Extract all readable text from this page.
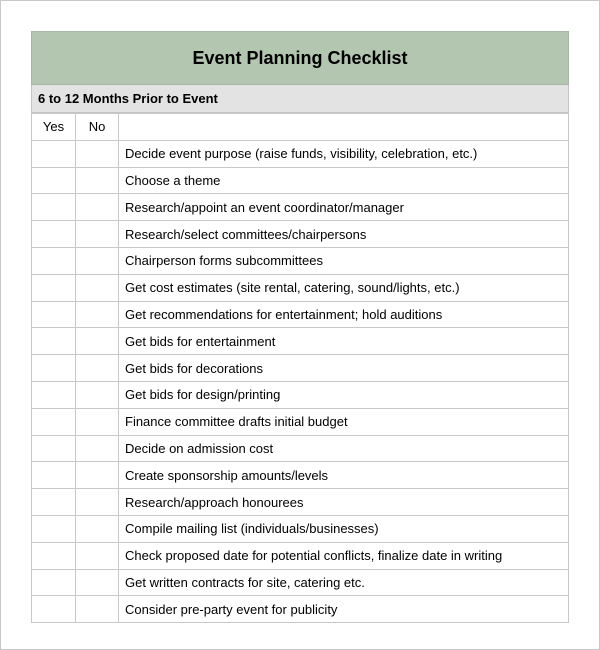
Event Planning Checklist
6 to 12 Months Prior to Event
Yes	No	
		Decide event purpose (raise funds, visibility, celebration, etc.)
		Choose a theme
		Research/appoint an event coordinator/manager
		Research/select committees/chairpersons
		Chairperson forms subcommittees
		Get cost estimates (site rental, catering, sound/lights, etc.)
		Get recommendations for entertainment; hold auditions
		Get bids for entertainment
		Get bids for decorations
		Get bids for design/printing
		Finance committee drafts initial budget
		Decide on admission cost
		Create sponsorship amounts/levels
		Research/approach honourees
		Compile mailing list (individuals/businesses)
		Check proposed date for potential conflicts, finalize date in writing
		Get written contracts for site, catering etc.
		Consider pre-party event for publicity
